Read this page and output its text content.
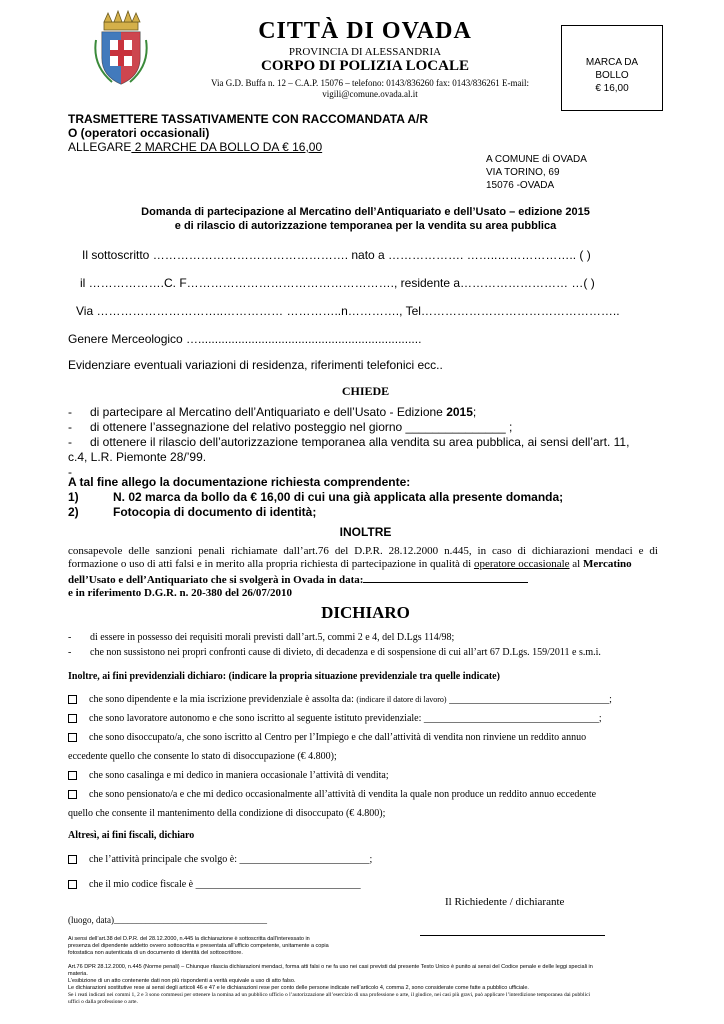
CITTÀ DI OVADA
PROVINCIA DI ALESSANDRIA
CORPO DI POLIZIA LOCALE
Via G.D. Buffa n. 12 – C.A.P. 15076 – telefono: 0143/836260 fax: 0143/836261 E-mail:
vigili@comune.ovada.al.it
MARCA DA
BOLLO
€ 16,00
TRASMETTERE TASSATIVAMENTE CON RACCOMANDATA A/R
O (operatori occasionali)
ALLEGARE 2 MARCHE DA BOLLO DA € 16,00
A COMUNE di OVADA
VIA TORINO, 69
15076 -OVADA
Domanda di partecipazione al Mercatino dell’Antiquariato e dell’Usato – edizione 2015
e di rilascio di autorizzazione temporanea per la vendita su area pubblica
Il sottoscritto …………………………………………. nato a ………………. ……..……………….. ( )
il ……………….C. F……………………………………………., residente a……………………… …( )
Via …………………………..…………… …………..n…………., Tel…………………………………………..
Genere Merceologico …...................................................................
Evidenziare eventuali variazioni di residenza, riferimenti telefonici ecc..
CHIEDE
- di partecipare al Mercatino dell’Antiquariato e dell’Usato - Edizione 2015;
- di ottenere l’assegnazione del relativo posteggio nel giorno _______________ ;
- di ottenere il rilascio dell’autorizzazione temporanea alla vendita su area pubblica, ai sensi dell’art. 11,
c.4, L.R. Piemonte 28/’99.
-
A tal fine allego la documentazione richiesta comprendente:
1)	N. 02 marca da bollo da € 16,00 di cui una già applicata alla presente domanda;
2)	Fotocopia di documento di identità;
INOLTRE
consapevole delle sanzioni penali richiamate dall’art.76 del D.P.R. 28.12.2000 n.445, in caso di dichiarazioni mendaci e di
formazione o uso di atti falsi e in merito alla propria richiesta di partecipazione in qualità di operatore occasionale al Mercatino
dell’Usato e dell’Antiquariato che si svolgerà in Ovada in data:
e in riferimento D.G.R. n. 20-380 del 26/07/2010
DICHIARO
- di essere in possesso dei requisiti morali previsti dall’art.5, commi 2 e 4, del D.Lgs 114/98;
- che non sussistono nei propri confronti cause di divieto, di decadenza e di sospensione di cui all’art 67 D.Lgs. 159/2011 e s.m.i.
Inoltre, ai fini previdenziali dichiaro: (indicare la propria situazione previdenziale tra quelle indicate)
che sono dipendente e la mia iscrizione previdenziale è assolta da: (indicare il datore di lavoro) ________________________________;
che sono lavoratore autonomo e che sono iscritto al seguente istituto previdenziale: ___________________________________;
che sono disoccupato/a, che sono iscritto al Centro per l’Impiego e che dall’attività di vendita non rinviene un reddito annuo
eccedente quello che consente lo stato di disoccupazione (€ 4.800);
che sono casalinga e mi dedico in maniera occasionale l’attività di vendita;
che sono pensionato/a e che mi dedico occasionalmente all’attività di vendita la quale non produce un reddito annuo eccedente
quello che consente il mantenimento della condizione di disoccupato (€ 4.800);
Altresì, ai fini fiscali, dichiaro
che l’attività principale che svolgo è: __________________________;
che il mio codice fiscale è _________________________________
Il Richiedente / dichiarante
(luogo, data)__________________________________
Ai sensi dell’art.38 del D.P.R. del 28.12.2000, n.445 la dichiarazione è sottoscritta dall’interessato in
presenza del dipendente addetto ovvero sottoscritta e presentata all’ufficio competente, unitamente a copia
fotostatica non autenticata di un documento di identità del sottoscrittore.
Art.76 DPR 28.12.2000, n.445 (Norme penali) – Chiunque rilascia dichiarazioni mendaci, forma atti falsi o ne fa uso nei casi previsti dal presente Testo Unico è punito ai sensi del Codice penale e delle leggi speciali in
materia.
L’esibizione di un atto contenente dati non più rispondenti a verità equivale a uso di atto falso.
Le dichiarazioni sostitutive rese ai sensi degli articoli 46 e 47 e le dichiarazioni rese per conto delle persone indicate nell’articolo 4, comma 2, sono considerate come fatte a pubblico ufficiale.
Se i reati indicati nei commi 1, 2 e 3 sono commessi per ottenere la nomina ad un pubblico ufficio o l’autorizzazione all’esercizio di una professione o arte, il giudice, nei casi più gravi, può applicare l’interdizione temporanea dai pubblici
uffici o dalla professione o arte.
